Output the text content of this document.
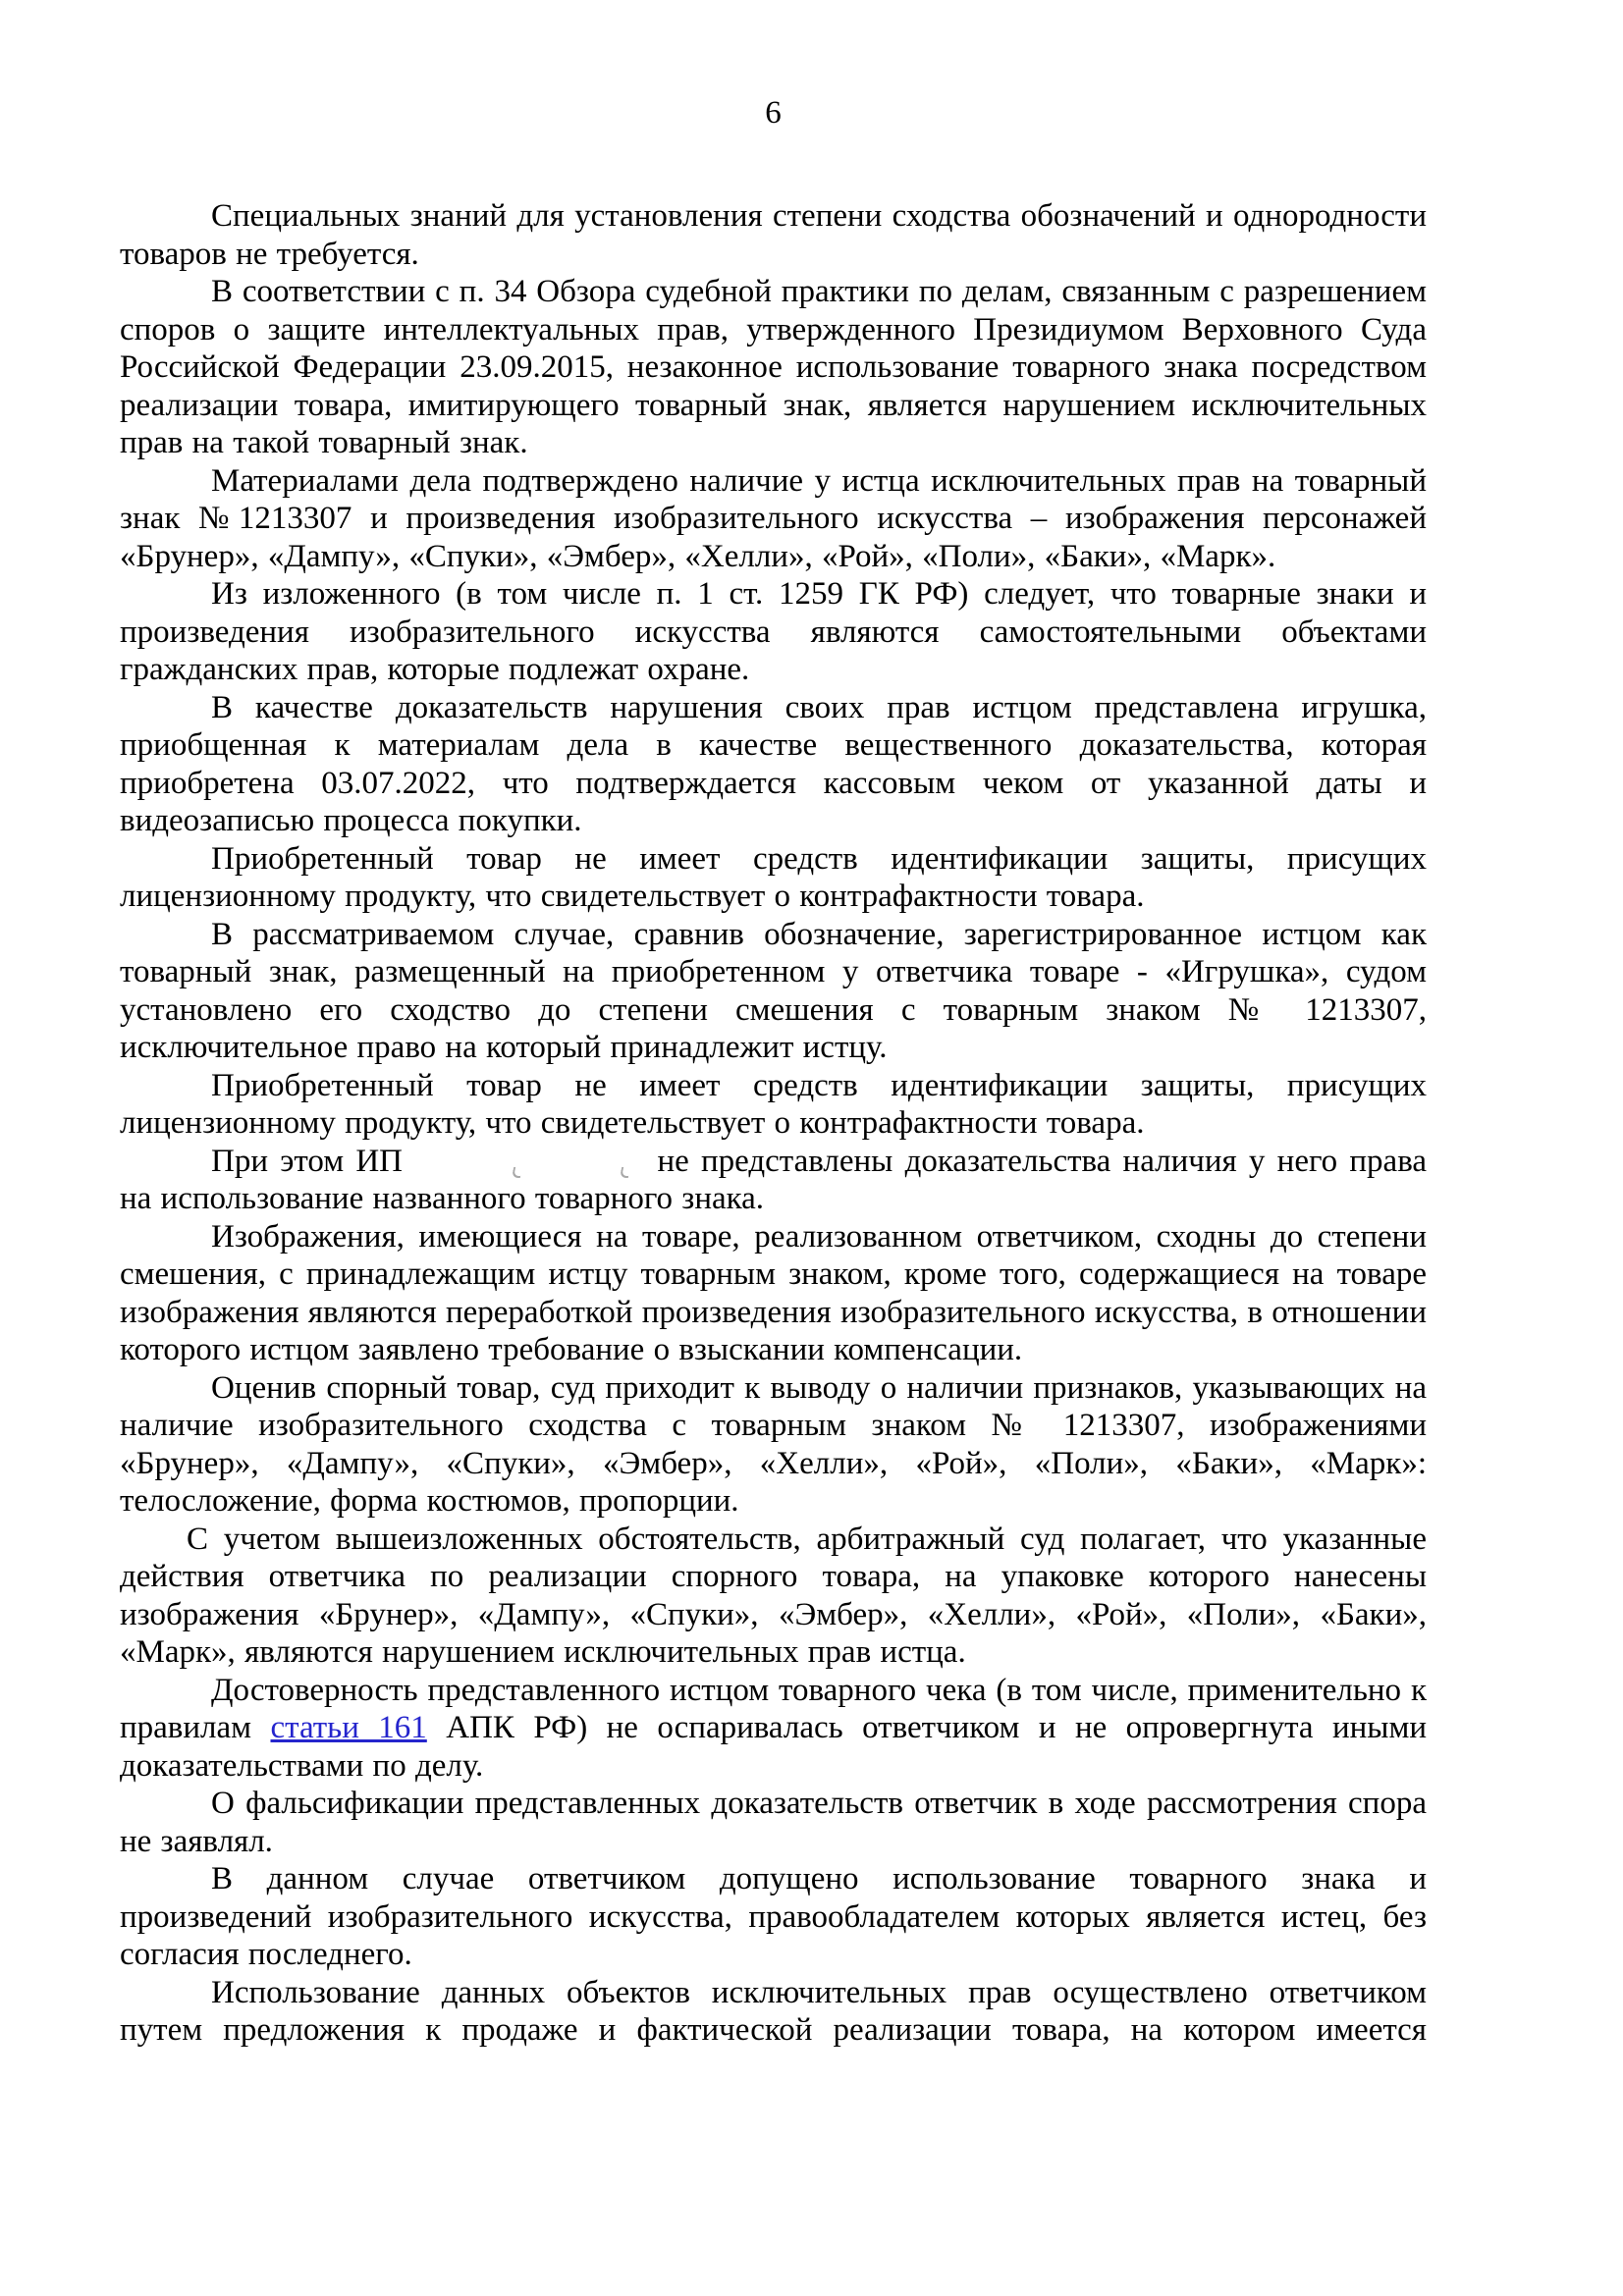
6

Специальных знаний для установления степени сходства обозначений и однородности товаров не требуется.

В соответствии с п. 34 Обзора судебной практики по делам, связанным с разрешением споров о защите интеллектуальных прав, утвержденного Президиумом Верховного Суда Российской Федерации 23.09.2015, незаконное использование товарного знака посредством реализации товара, имитирующего товарный знак, является нарушением исключительных прав на такой товарный знак.

Материалами дела подтверждено наличие у истца исключительных прав на товарный знак №1213307 и произведения изобразительного искусства – изображения персонажей «Брунер», «Дампу», «Спуки», «Эмбер», «Хелли», «Рой», «Поли», «Баки», «Марк».

Из изложенного (в том числе п. 1 ст. 1259 ГК РФ) следует, что товарные знаки и произведения изобразительного искусства являются самостоятельными объектами гражданских прав, которые подлежат охране.

В качестве доказательств нарушения своих прав истцом представлена игрушка, приобщенная к материалам дела в качестве вещественного доказательства, которая приобретена 03.07.2022, что подтверждается кассовым чеком от указанной даты и видеозаписью процесса покупки.

Приобретенный товар не имеет средств идентификации защиты, присущих лицензионному продукту, что свидетельствует о контрафактности товара.

В рассматриваемом случае, сравнив обозначение, зарегистрированное истцом как товарный знак, размещенный на приобретенном у ответчика товаре - «Игрушка», судом установлено его сходство до степени смешения с товарным знаком № 1213307, исключительное право на который принадлежит истцу.

Приобретенный товар не имеет средств идентификации защиты, присущих лицензионному продукту, что свидетельствует о контрафактности товара.

При этом ИП	не представлены доказательства наличия у него права на использование названного товарного знака.

Изображения, имеющиеся на товаре, реализованном ответчиком, сходны до степени смешения, с принадлежащим истцу товарным знаком, кроме того, содержащиеся на товаре изображения являются переработкой произведения изобразительного искусства, в отношении которого истцом заявлено требование о взыскании компенсации.

Оценив спорный товар, суд приходит к выводу о наличии признаков, указывающих на наличие изобразительного сходства с товарным знаком № 1213307, изображениями «Брунер», «Дампу», «Спуки», «Эмбер», «Хелли», «Рой», «Поли», «Баки», «Марк»: телосложение, форма костюмов, пропорции.

С учетом вышеизложенных обстоятельств, арбитражный суд полагает, что указанные действия ответчика по реализации спорного товара, на упаковке которого нанесены изображения «Брунер», «Дампу», «Спуки», «Эмбер», «Хелли», «Рой», «Поли», «Баки», «Марк», являются нарушением исключительных прав истца.

Достоверность представленного истцом товарного чека (в том числе, применительно к правилам статьи 161 АПК РФ) не оспаривалась ответчиком и не опровергнута иными доказательствами по делу.

О фальсификации представленных доказательств ответчик в ходе рассмотрения спора не заявлял.

В данном случае ответчиком допущено использование товарного знака и произведений изобразительного искусства, правообладателем которых является истец, без согласия последнего.

Использование данных объектов исключительных прав осуществлено ответчиком путем предложения к продаже и фактической реализации товара, на котором имеется
